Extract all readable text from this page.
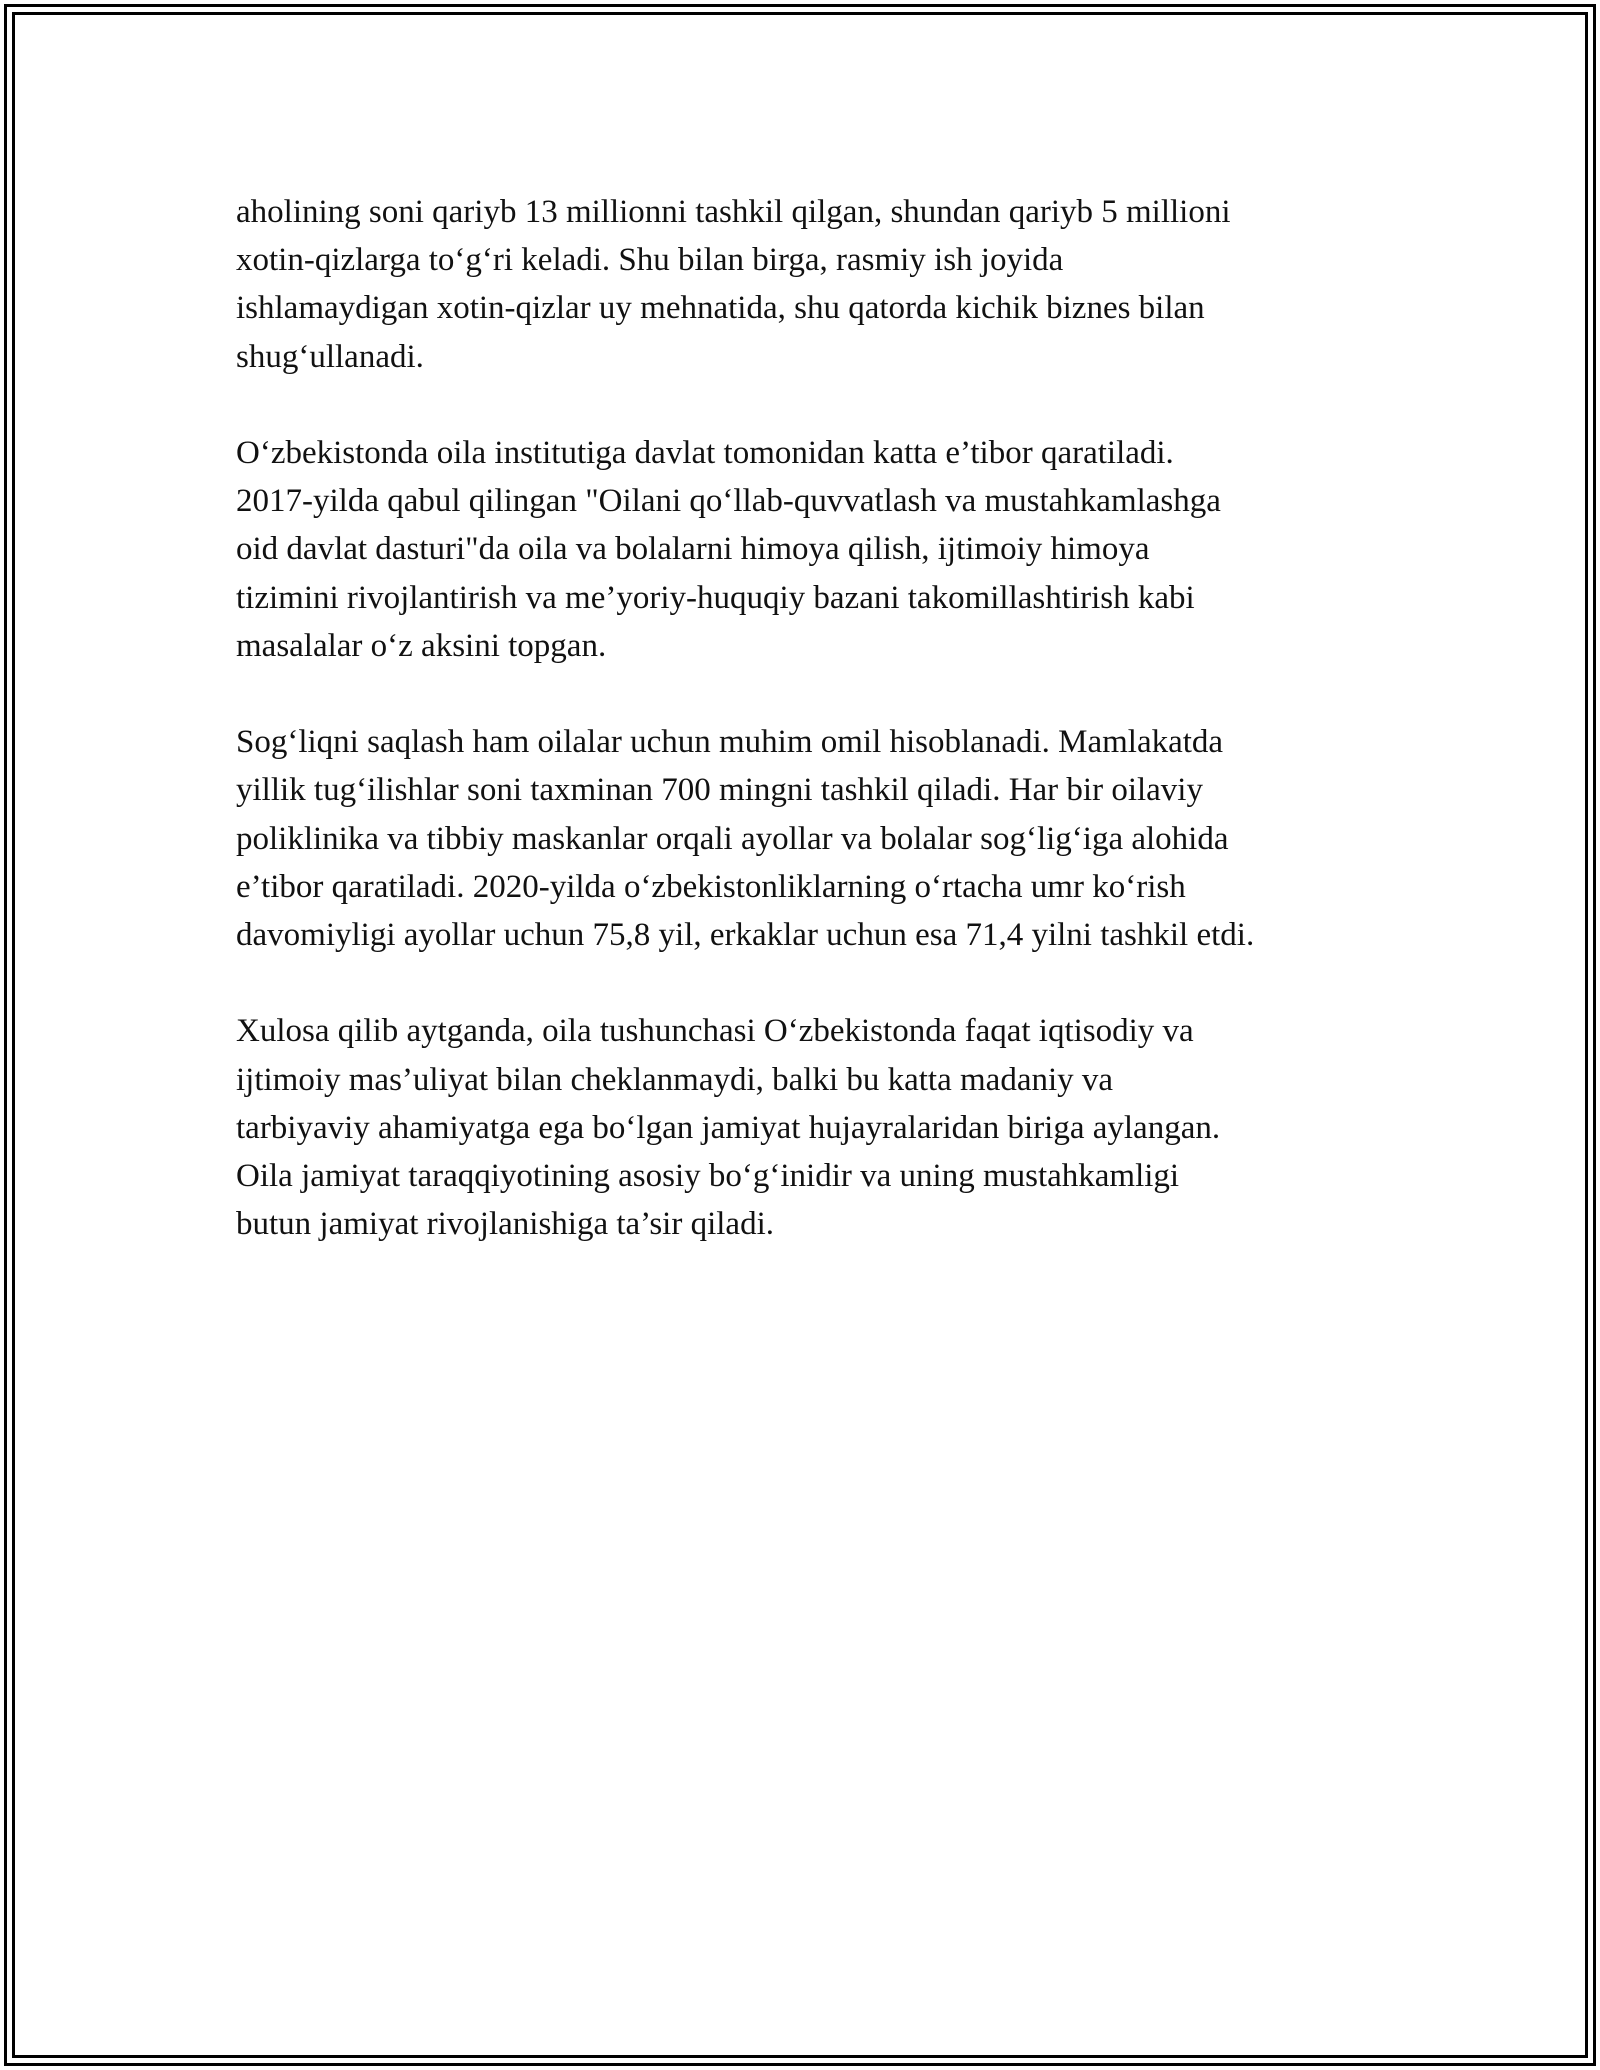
aholining soni qariyb 13 millionni tashkil qilgan, shundan qariyb 5 millioni
xotin-qizlarga to‘g‘ri keladi. Shu bilan birga, rasmiy ish joyida
ishlamaydigan xotin-qizlar uy mehnatida, shu qatorda kichik biznes bilan
shug‘ullanadi.

O‘zbekistonda oila institutiga davlat tomonidan katta e’tibor qaratiladi.
2017-yilda qabul qilingan "Oilani qo‘llab-quvvatlash va mustahkamlashga
oid davlat dasturi"da oila va bolalarni himoya qilish, ijtimoiy himoya
tizimini rivojlantirish va me’yoriy-huquqiy bazani takomillashtirish kabi
masalalar o‘z aksini topgan.

Sog‘liqni saqlash ham oilalar uchun muhim omil hisoblanadi. Mamlakatda
yillik tug‘ilishlar soni taxminan 700 mingni tashkil qiladi. Har bir oilaviy
poliklinika va tibbiy maskanlar orqali ayollar va bolalar sog‘lig‘iga alohida
e’tibor qaratiladi. 2020-yilda o‘zbekistonliklarning o‘rtacha umr ko‘rish
davomiyligi ayollar uchun 75,8 yil, erkaklar uchun esa 71,4 yilni tashkil etdi.

Xulosa qilib aytganda, oila tushunchasi O‘zbekistonda faqat iqtisodiy va
ijtimoiy mas’uliyat bilan cheklanmaydi, balki bu katta madaniy va
tarbiyaviy ahamiyatga ega bo‘lgan jamiyat hujayralaridan biriga aylangan.
Oila jamiyat taraqqiyotining asosiy bo‘g‘inidir va uning mustahkamligi
butun jamiyat rivojlanishiga ta’sir qiladi.
